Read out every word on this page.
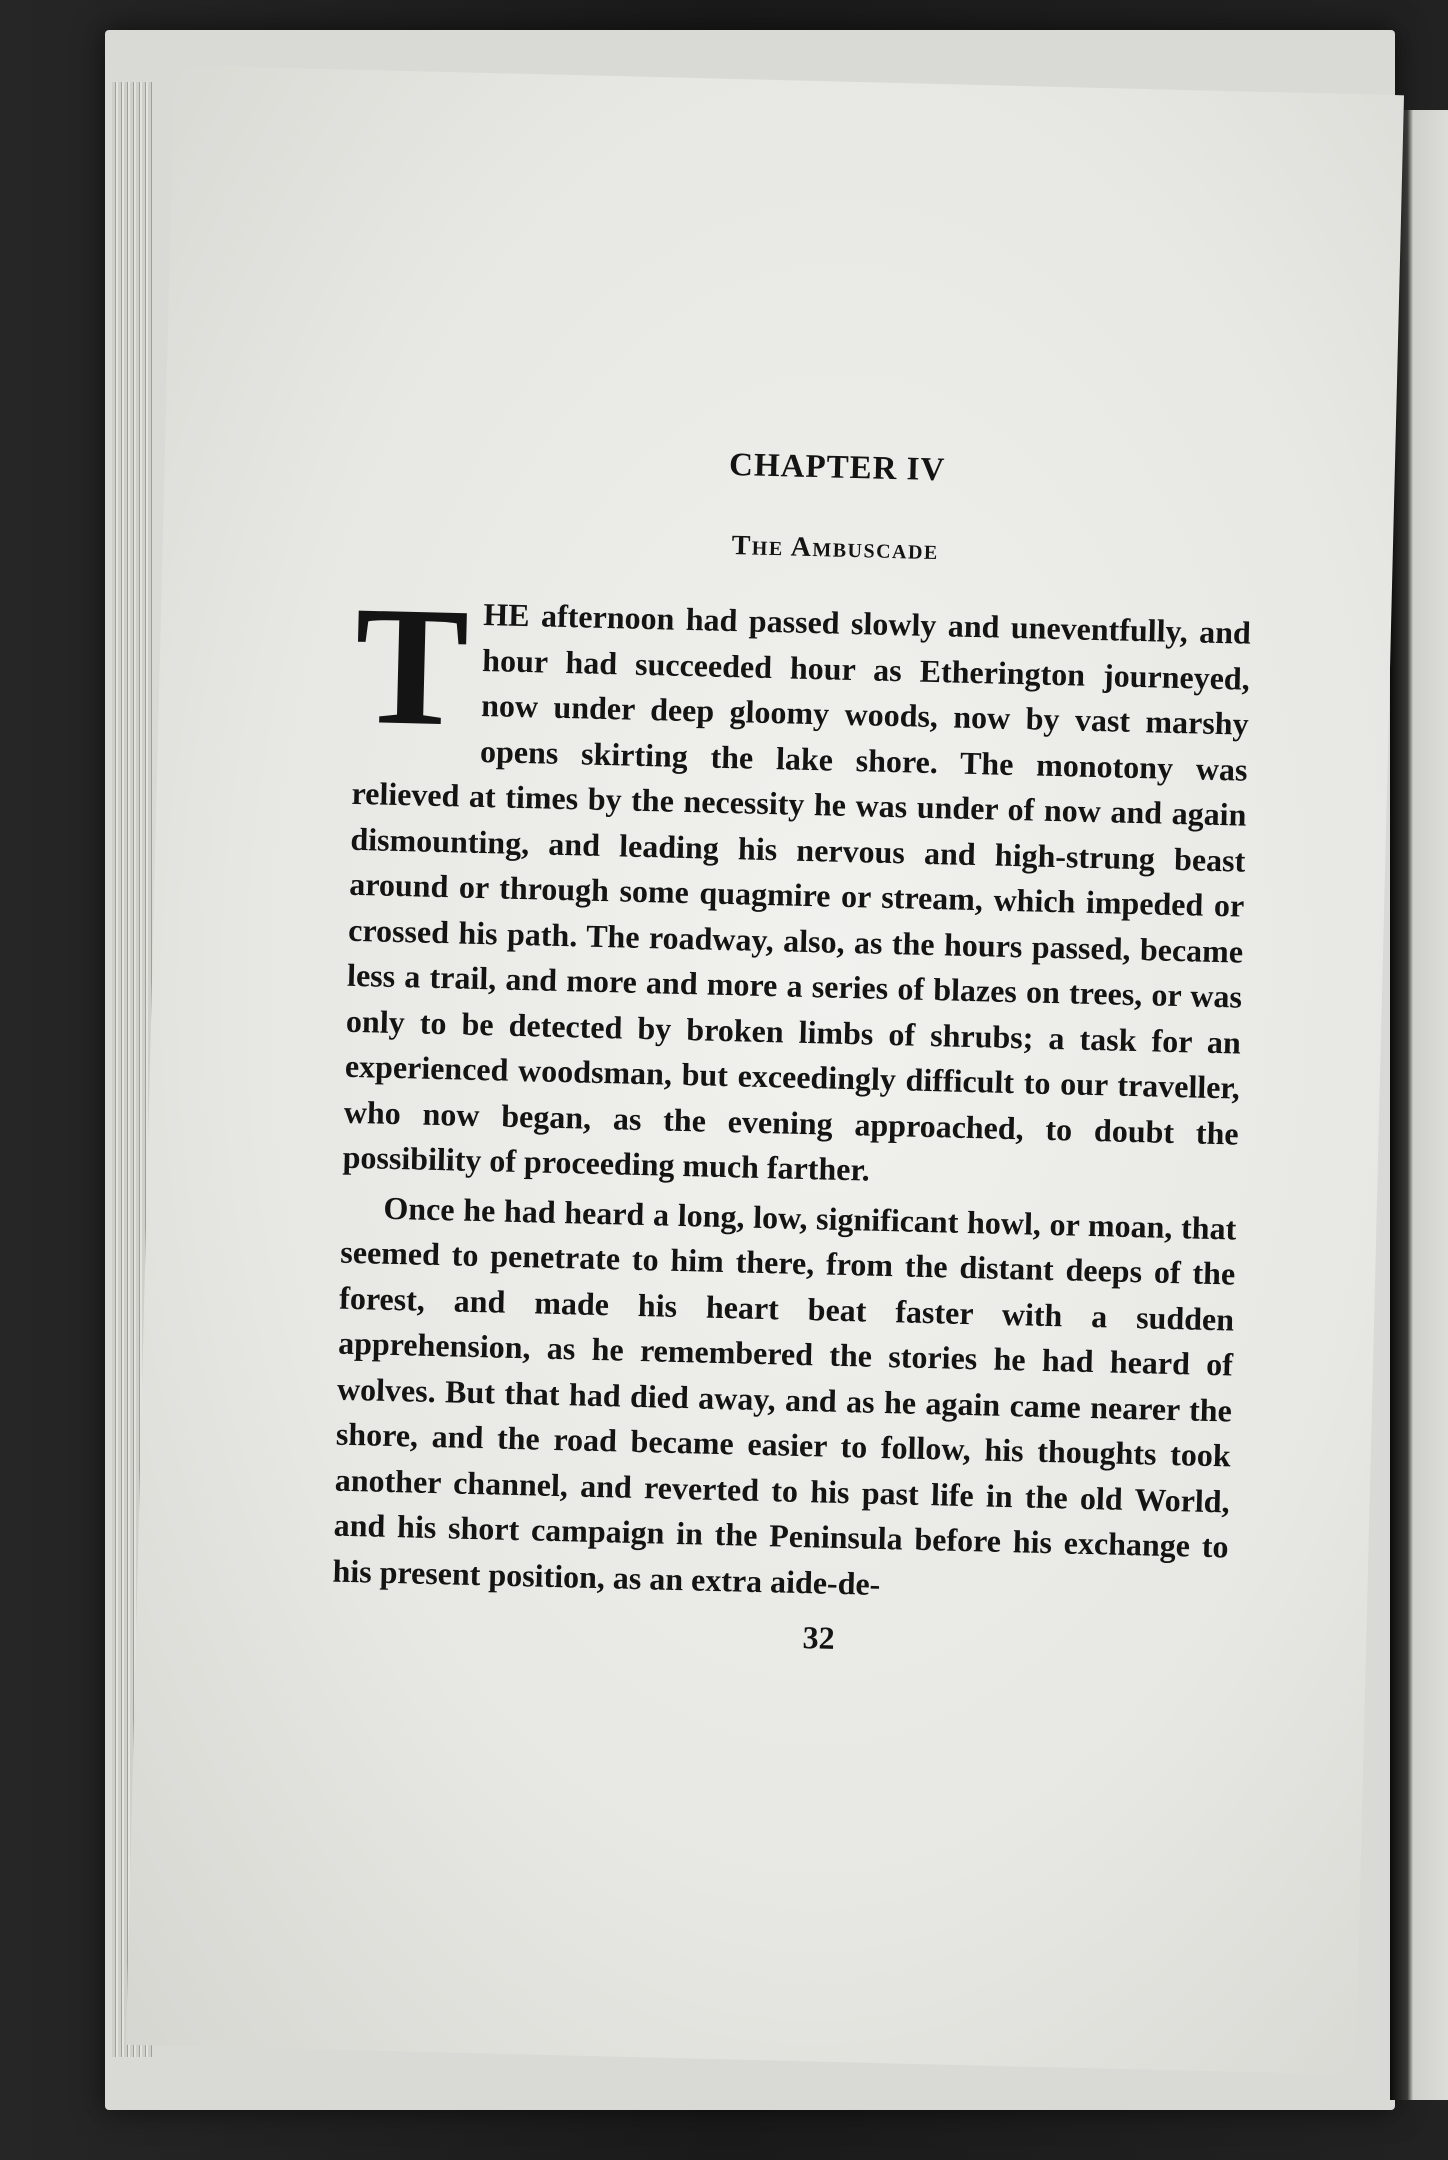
CHAPTER IV
The Ambuscade

THE afternoon had passed slowly and uneventfully, and hour had succeeded hour as Etherington journeyed, now under deep gloomy woods, now by vast marshy opens skirting the lake shore. The monotony was relieved at times by the necessity he was under of now and again dismounting, and leading his nervous and high-strung beast around or through some quagmire or stream, which impeded or crossed his path. The roadway, also, as the hours passed, became less a trail, and more and more a series of blazes on trees, or was only to be detected by broken limbs of shrubs; a task for an experienced woodsman, but exceedingly difficult to our traveller, who now began, as the evening approached, to doubt the possibility of proceeding much farther.

Once he had heard a long, low, significant howl, or moan, that seemed to penetrate to him there, from the distant deeps of the forest, and made his heart beat faster with a sudden apprehension, as he remembered the stories he had heard of wolves. But that had died away, and as he again came nearer the shore, and the road became easier to follow, his thoughts took another channel, and reverted to his past life in the old World, and his short campaign in the Peninsula before his exchange to his present position, as an extra aide-de-

32
